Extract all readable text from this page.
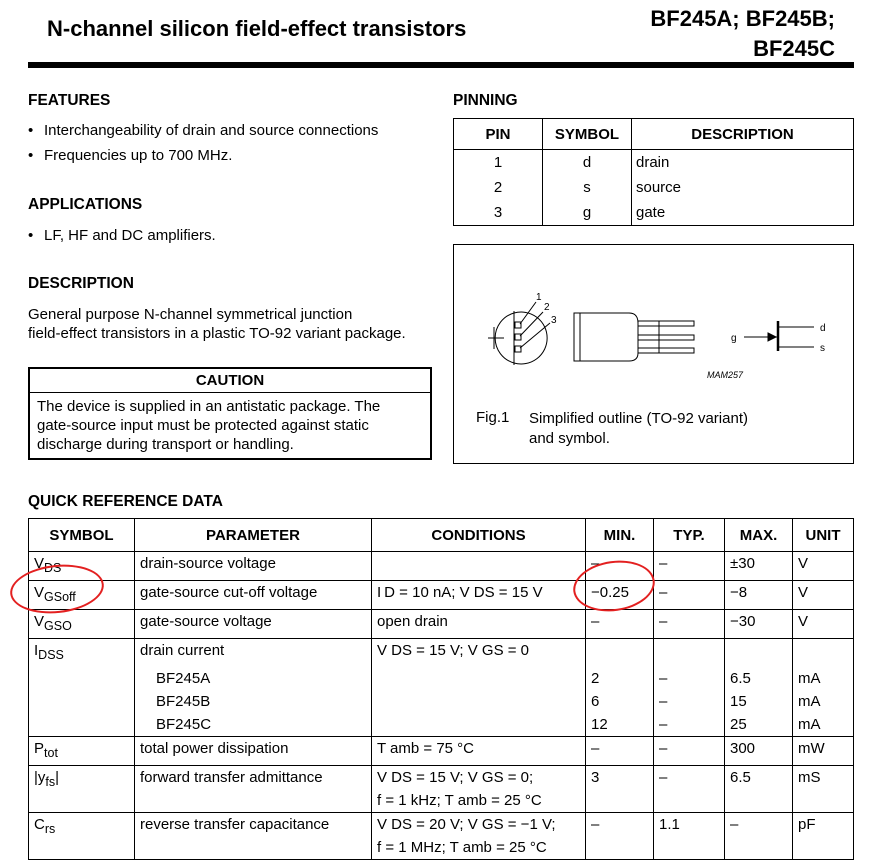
N-channel silicon field-effect transistors	BF245A; BF245B;
BF245C
FEATURES
• Interchangeability of drain and source connections
• Frequencies up to 700 MHz.
APPLICATIONS
• LF, HF and DC amplifiers.
DESCRIPTION
General purpose N-channel symmetrical junction
field-effect transistors in a plastic TO-92 variant package.
CAUTION
The device is supplied in an antistatic package. The
gate-source input must be protected against static
discharge during transport or handling.
PINNING
PIN	SYMBOL	DESCRIPTION
1	d	drain
2	s	source
3	g	gate
1
2
3
g
d
s
MAM257
Fig.1 Simplified outline (TO-92 variant)
and symbol.
QUICK REFERENCE DATA
SYMBOL	PARAMETER	CONDITIONS	MIN.	TYP.	MAX.	UNIT
$V_{DS}$	drain-source voltage		–	–	±30	V
$V_{GSoff}$	gate-source cut-off voltage	I D = 10 nA; V DS = 15 V	−0.25	–	−8	V
$V_{GSO}$	gate-source voltage	open drain	–	–	−30	V
$I_{DSS}$	drain current	V DS = 15 V; V GS = 0				
	BF245A		2	–	6.5	mA
	BF245B		6	–	15	mA
	BF245C		12	–	25	mA
$P_{tot}$	total power dissipation	T amb = 75 °C	–	–	300	mW
$|y_{fs}|$	forward transfer admittance	V DS = 15 V; V GS = 0;
f = 1 kHz; T amb = 25 °C	3	–	6.5	mS
$C_{rs}$	reverse transfer capacitance	V DS = 20 V; V GS = −1 V;
f = 1 MHz; T amb = 25 °C	–	1.1	–	pF
